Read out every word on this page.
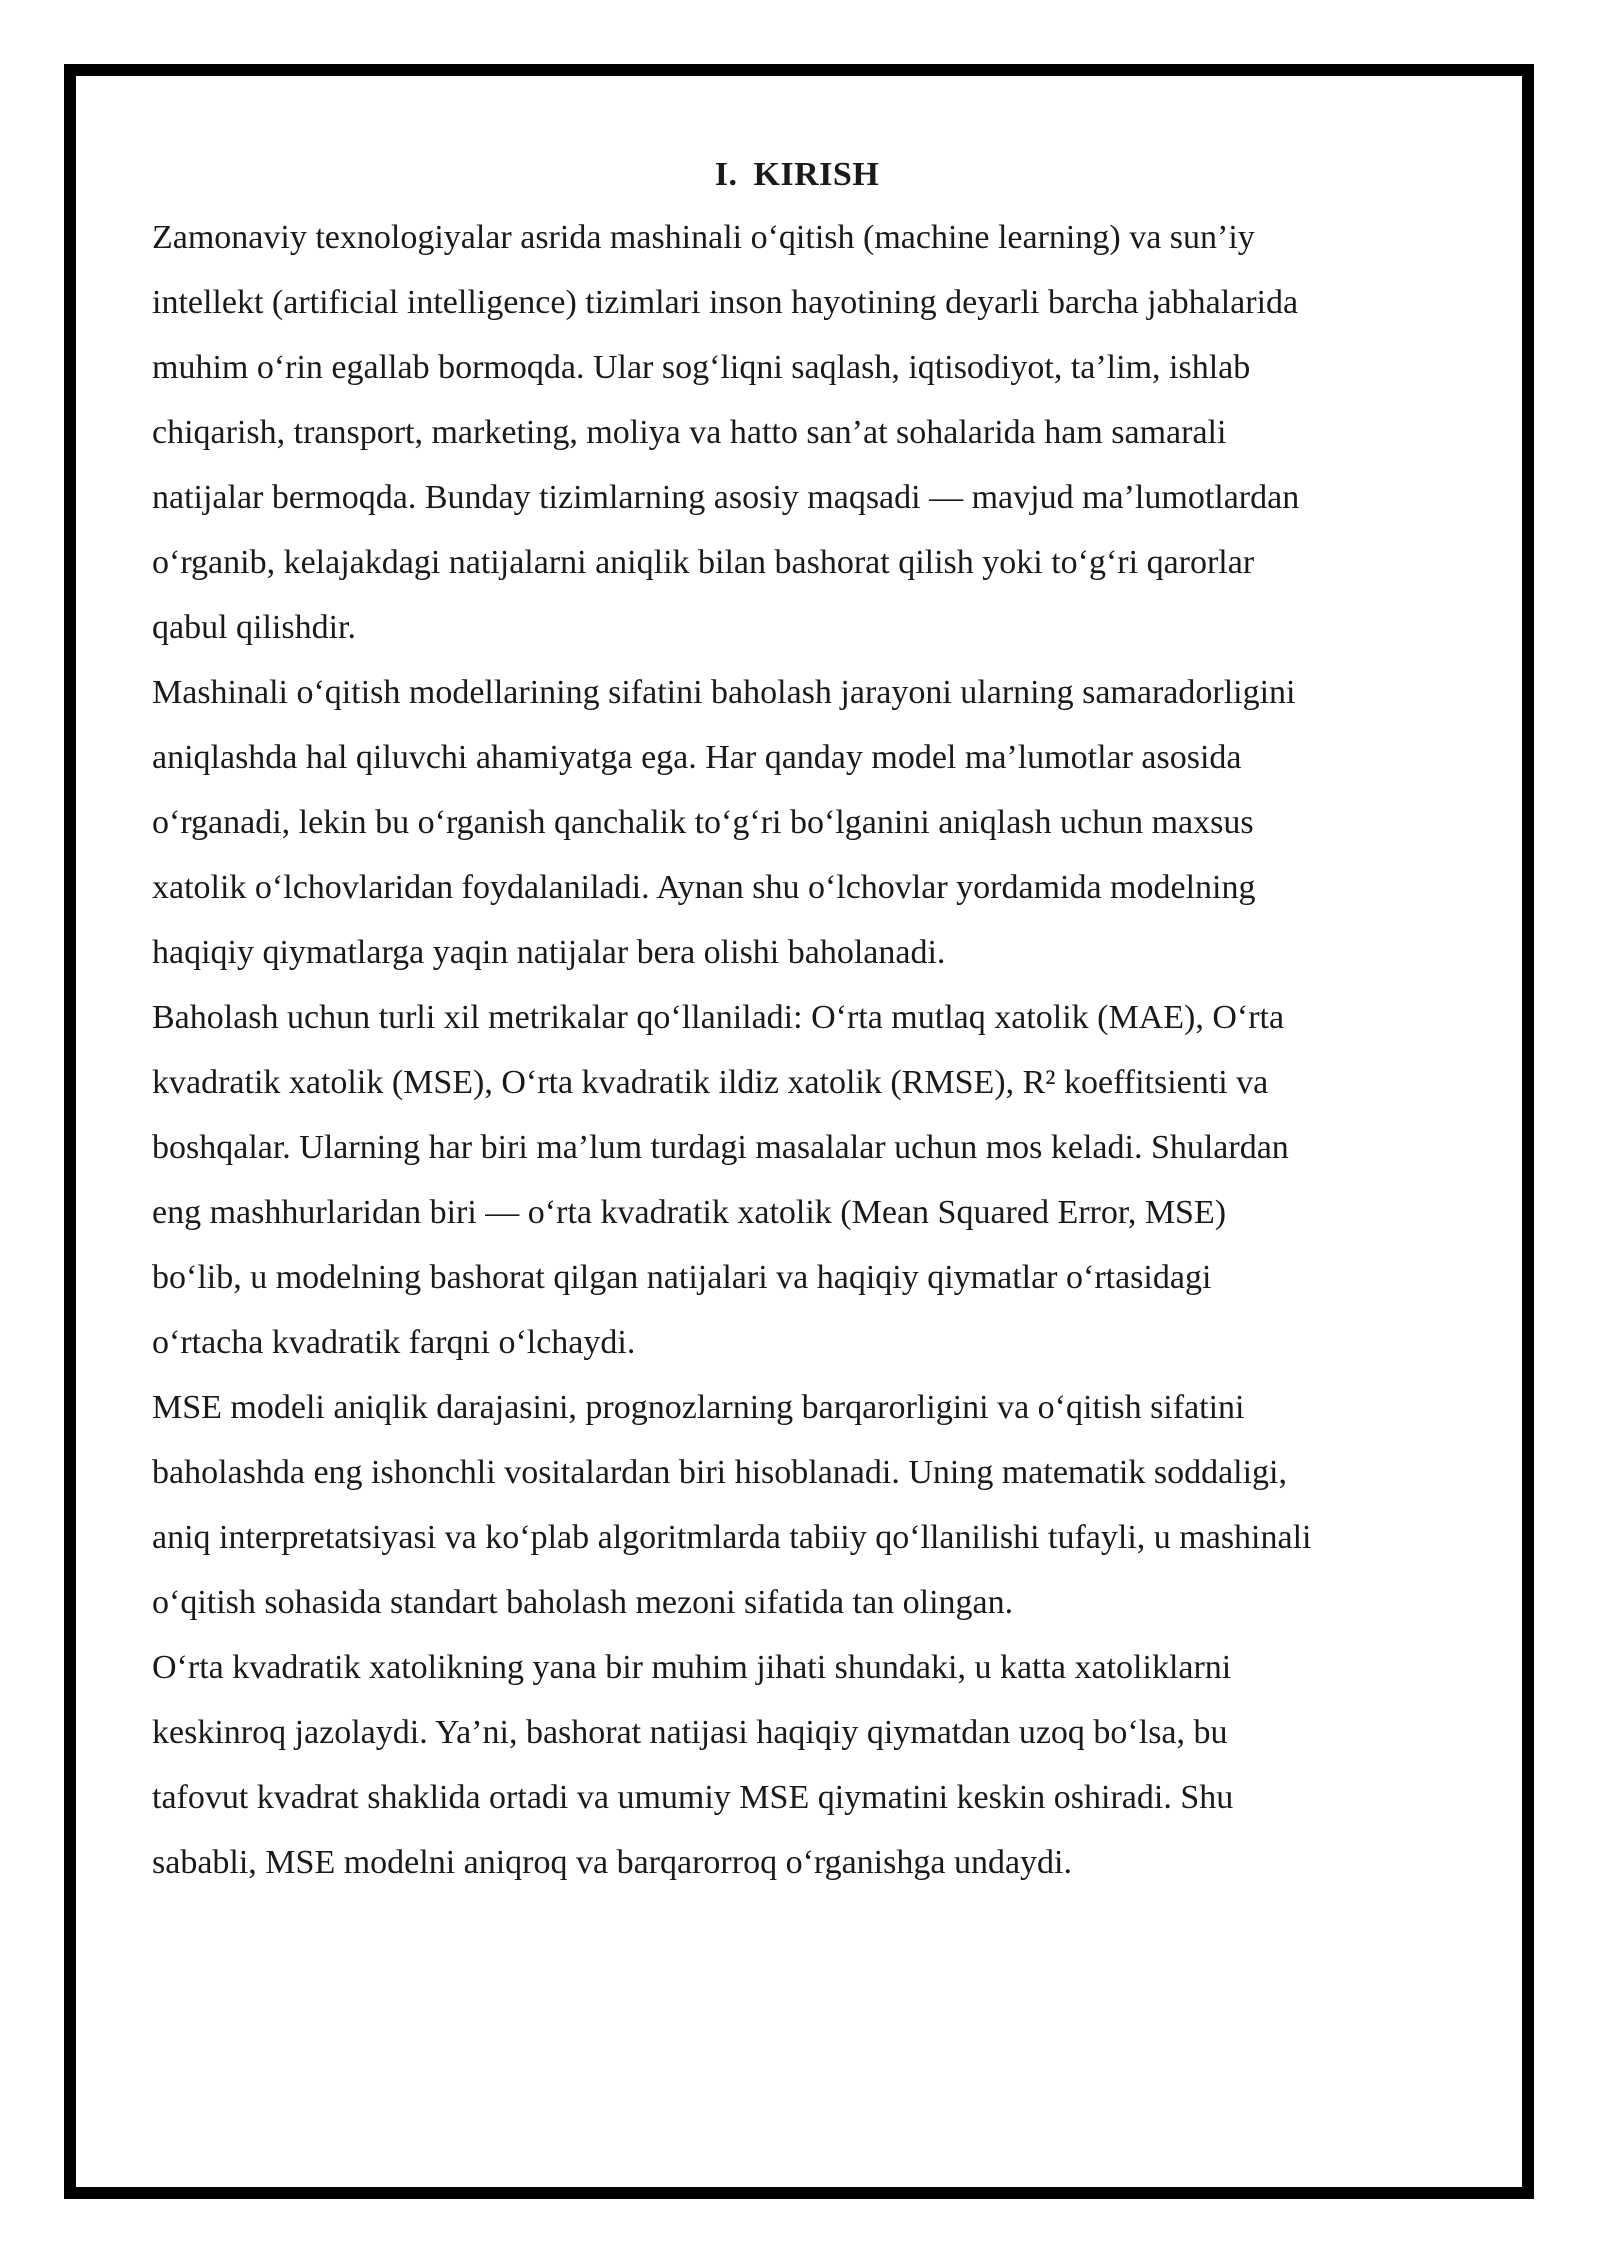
I. KIRISH

Zamonaviy texnologiyalar asrida mashinali o‘qitish (machine learning) va sun’iy
intellekt (artificial intelligence) tizimlari inson hayotining deyarli barcha jabhalarida
muhim o‘rin egallab bormoqda. Ular sog‘liqni saqlash, iqtisodiyot, ta’lim, ishlab
chiqarish, transport, marketing, moliya va hatto san’at sohalarida ham samarali
natijalar bermoqda. Bunday tizimlarning asosiy maqsadi — mavjud ma’lumotlardan
o‘rganib, kelajakdagi natijalarni aniqlik bilan bashorat qilish yoki to‘g‘ri qarorlar
qabul qilishdir.

Mashinali o‘qitish modellarining sifatini baholash jarayoni ularning samaradorligini
aniqlashda hal qiluvchi ahamiyatga ega. Har qanday model ma’lumotlar asosida
o‘rganadi, lekin bu o‘rganish qanchalik to‘g‘ri bo‘lganini aniqlash uchun maxsus
xatolik o‘lchovlaridan foydalaniladi. Aynan shu o‘lchovlar yordamida modelning
haqiqiy qiymatlarga yaqin natijalar bera olishi baholanadi.

Baholash uchun turli xil metrikalar qo‘llaniladi: O‘rta mutlaq xatolik (MAE), O‘rta
kvadratik xatolik (MSE), O‘rta kvadratik ildiz xatolik (RMSE), R² koeffitsienti va
boshqalar. Ularning har biri ma’lum turdagi masalalar uchun mos keladi. Shulardan
eng mashhurlaridan biri — o‘rta kvadratik xatolik (Mean Squared Error, MSE)
bo‘lib, u modelning bashorat qilgan natijalari va haqiqiy qiymatlar o‘rtasidagi
o‘rtacha kvadratik farqni o‘lchaydi.

MSE modeli aniqlik darajasini, prognozlarning barqarorligini va o‘qitish sifatini
baholashda eng ishonchli vositalardan biri hisoblanadi. Uning matematik soddaligi,
aniq interpretatsiyasi va ko‘plab algoritmlarda tabiiy qo‘llanilishi tufayli, u mashinali
o‘qitish sohasida standart baholash mezoni sifatida tan olingan.

O‘rta kvadratik xatolikning yana bir muhim jihati shundaki, u katta xatoliklarni
keskinroq jazolaydi. Ya’ni, bashorat natijasi haqiqiy qiymatdan uzoq bo‘lsa, bu
tafovut kvadrat shaklida ortadi va umumiy MSE qiymatini keskin oshiradi. Shu
sababli, MSE modelni aniqroq va barqarorroq o‘rganishga undaydi.
